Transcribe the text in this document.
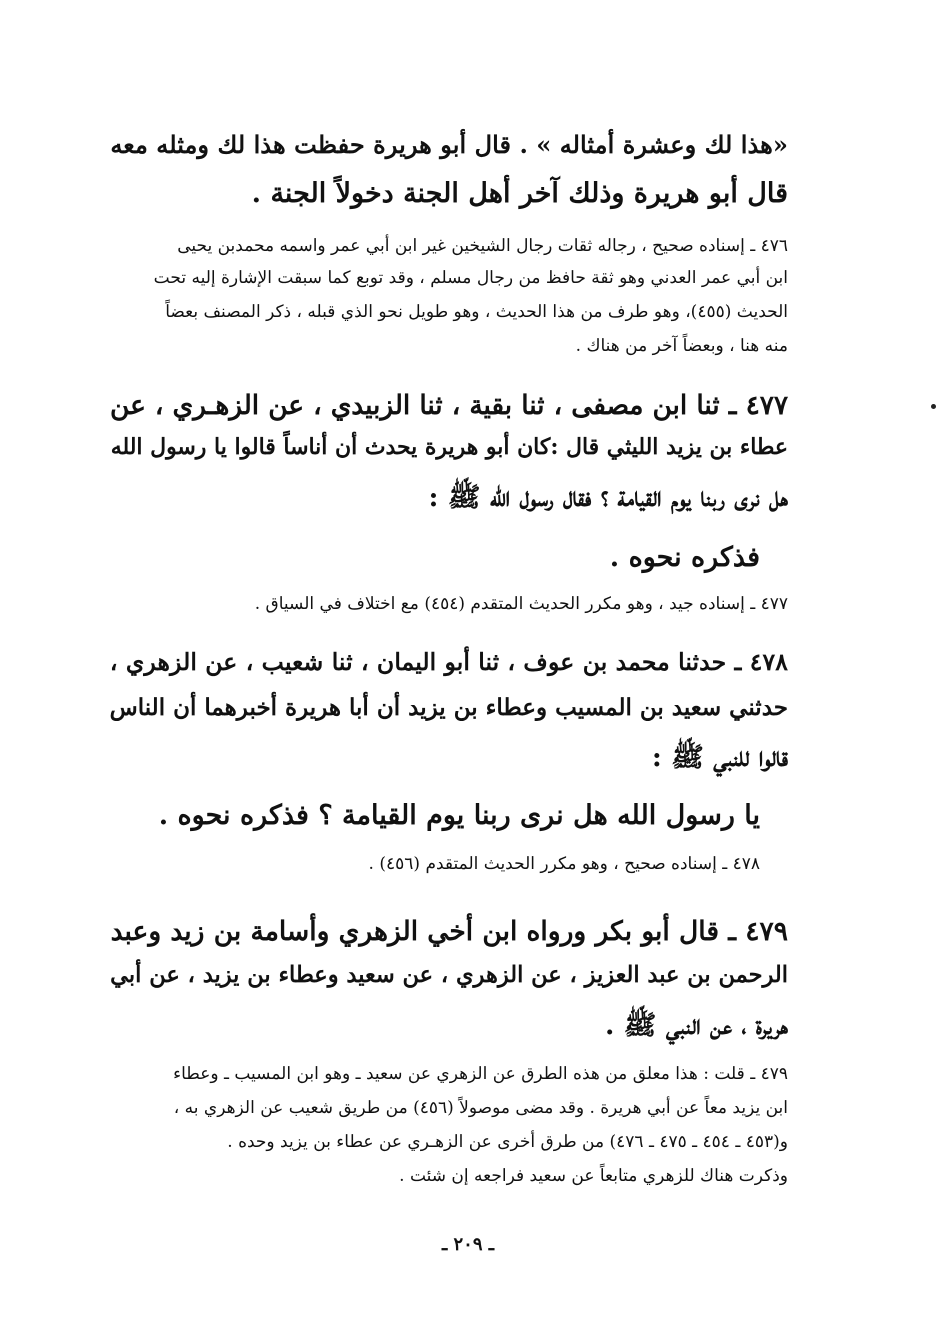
«هذا لك وعشرة أمثاله » . قال أبو هريرة حفظت هذا لك ومثله معه
قال أبو هريرة وذلك آخر أهل الجنة دخولاً الجنة .
٤٧٦ ـ إسناده صحيح ، رجاله ثقات رجال الشيخين غير ابن أبي عمر واسمه محمدبن يحيى
ابن أبي عمر العدني وهو ثقة حافظ من رجال مسلم ، وقد توبع كما سبقت الإشارة إليه تحت
الحديث (٤٥٥)، وهو طرف من هذا الحديث ، وهو طويل نحو الذي قبله ، ذكر المصنف بعضاً
منه هنا ، وبعضاً آخر من هناك .
٤٧٧ ـ ثنا ابن مصفى ، ثنا بقية ، ثنا الزبيدي ، عن الزهـري ، عن
عطاء بن يزيد الليثي قال :كان أبو هريرة يحدث أن أناساً قالوا يا رسول الله
هل نرى ربنا يوم القيامة ؟ فقال رسول الله ﷺ :
فذكره نحوه .
٤٧٧ ـ إسناده جيد ، وهو مكرر الحديث المتقدم (٤٥٤) مع اختلاف في السياق .
٤٧٨ ـ حدثنا محمد بن عوف ، ثنا أبو اليمان ، ثنا شعيب ، عن الزهري ،
حدثني سعيد بن المسيب وعطاء بن يزيد أن أبا هريرة أخبرهما أن الناس
قالوا للنبي ﷺ :
يا رسول الله هل نرى ربنا يوم القيامة ؟ فذكره نحوه .
٤٧٨ ـ إسناده صحيح ، وهو مكرر الحديث المتقدم (٤٥٦) .
٤٧٩ ـ قال أبو بكر ورواه ابن أخي الزهري وأسامة بن زيد وعبد
الرحمن بن عبد العزيز ، عن الزهري ، عن سعيد وعطاء بن يزيد ، عن أبي
هريرة ، عن النبي ﷺ .
٤٧٩ ـ قلت : هذا معلق من هذه الطرق عن الزهري عن سعيد ـ وهو ابن المسيب ـ وعطاء
ابن يزيد معاً عن أبي هريرة . وقد مضى موصولاً (٤٥٦) من طريق شعيب عن الزهري به ،
و(٤٥٣ ـ ٤٥٤ ـ ٤٧٥ ـ ٤٧٦) من طرق أخرى عن الزهـري عن عطاء بن يزيد وحده .
وذكرت هناك للزهري متابعاً عن سعيد فراجعه إن شئت .
ـ ٢٠٩ ـ
